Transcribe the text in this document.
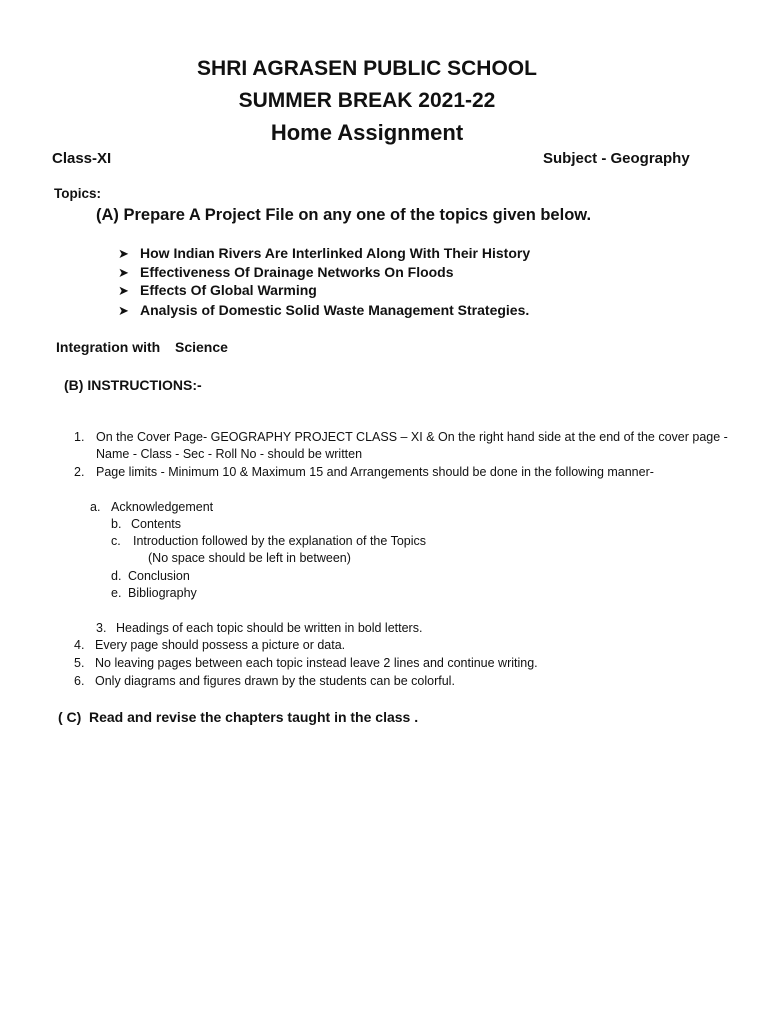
SHRI AGRASEN PUBLIC SCHOOL
SUMMER BREAK 2021-22
Home Assignment
Class-XI	Subject - Geography
Topics:
(A) Prepare A Project File on any one of the topics given below.
➤ How Indian Rivers Are Interlinked Along With Their History
➤ Effectiveness Of Drainage Networks On Floods
➤ Effects Of Global Warming
➤ Analysis of Domestic Solid Waste Management Strategies.
Integration with Science
(B) INSTRUCTIONS:-
1. On the Cover Page- GEOGRAPHY PROJECT CLASS – XI & On the right hand side at the end of the cover page -
Name - Class - Sec - Roll No - should be written
2. Page limits - Minimum 10 & Maximum 15 and Arrangements should be done in the following manner-
a. Acknowledgement
b. Contents
c. Introduction followed by the explanation of the Topics
(No space should be left in between)
d. Conclusion
e. Bibliography
3. Headings of each topic should be written in bold letters.
4. Every page should possess a picture or data.
5. No leaving pages between each topic instead leave 2 lines and continue writing.
6. Only diagrams and figures drawn by the students can be colorful.
( C) Read and revise the chapters taught in the class .
